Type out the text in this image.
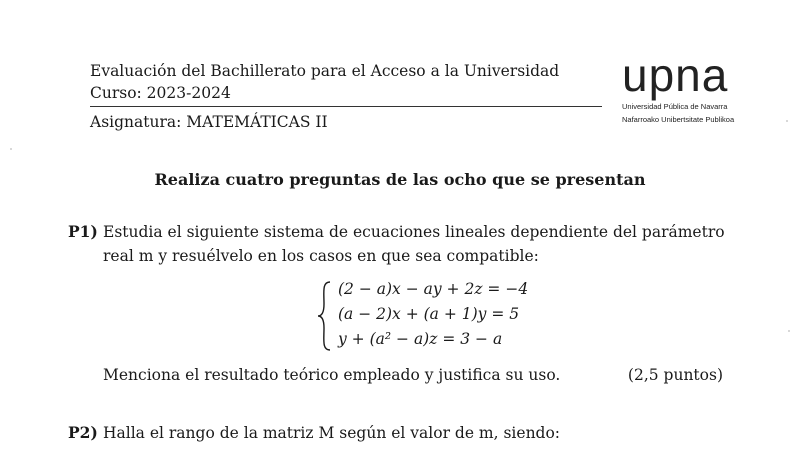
Evaluación del Bachillerato para el Acceso a la Universidad
Curso: 2023-2024
Asignatura: MATEMÁTICAS II
upna
Universidad Pública de Navarra
Nafarroako Unibertsitate Publikoa
Realiza cuatro preguntas de las ocho que se presentan
P1) Estudia el siguiente sistema de ecuaciones lineales dependiente del parámetro real m y resuélvelo en los casos en que sea compatible:
(2 − a)x − ay + 2z = −4
(a − 2)x + (a + 1)y = 5
y + (a² − a)z = 3 − a
Menciona el resultado teórico empleado y justifica su uso.	(2,5 puntos)
P2) Halla el rango de la matriz M según el valor de m, siendo:
